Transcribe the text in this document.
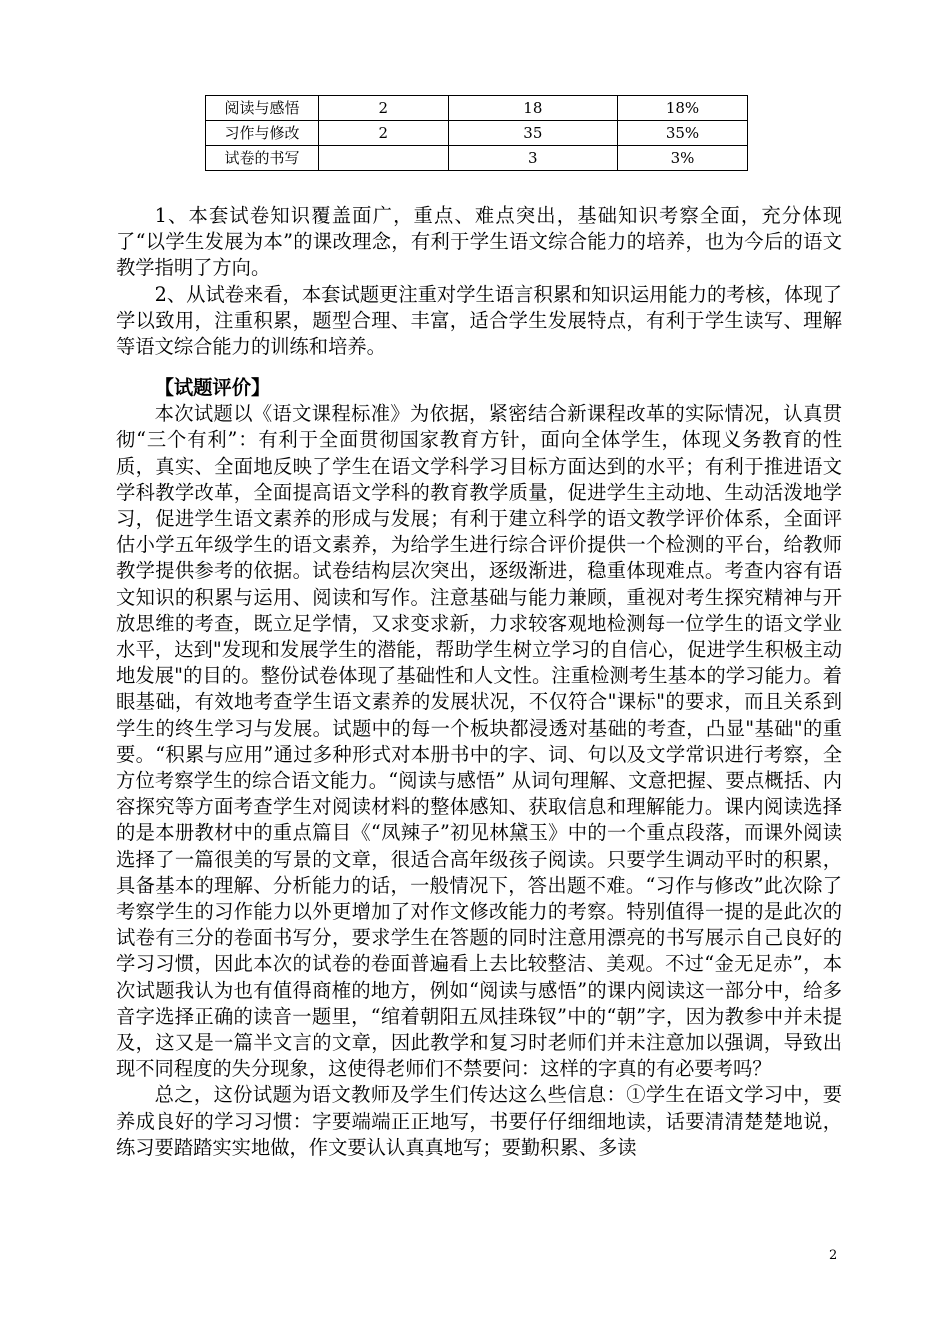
阅读与感悟	2	18	18%
习作与修改	2	35	35%
试卷的书写		3	3%

1、本套试卷知识覆盖面广，重点、难点突出，基础知识考察全面，充分体现了“以学生发展为本”的课改理念，有利于学生语文综合能力的培养，也为今后的语文教学指明了方向。

2、从试卷来看，本套试题更注重对学生语言积累和知识运用能力的考核，体现了学以致用，注重积累，题型合理、丰富，适合学生发展特点，有利于学生读写、理解等语文综合能力的训练和培养。

【试题评价】

本次试题以《语文课程标准》为依据，紧密结合新课程改革的实际情况，认真贯彻“三个有利”：有利于全面贯彻国家教育方针，面向全体学生，体现义务教育的性质，真实、全面地反映了学生在语文学科学习目标方面达到的水平；有利于推进语文学科教学改革，全面提高语文学科的教育教学质量，促进学生主动地、生动活泼地学习，促进学生语文素养的形成与发展；有利于建立科学的语文教学评价体系，全面评估小学五年级学生的语文素养，为给学生进行综合评价提供一个检测的平台，给教师教学提供参考的依据。试卷结构层次突出，逐级渐进，稳重体现难点。考查内容有语文知识的积累与运用、阅读和写作。注意基础与能力兼顾，重视对考生探究精神与开放思维的考查，既立足学情，又求变求新，力求较客观地检测每一位学生的语文学业水平，达到"发现和发展学生的潜能，帮助学生树立学习的自信心，促进学生积极主动地发展"的目的。整份试卷体现了基础性和人文性。注重检测考生基本的学习能力。着眼基础，有效地考查学生语文素养的发展状况，不仅符合"课标"的要求，而且关系到学生的终生学习与发展。试题中的每一个板块都浸透对基础的考查，凸显"基础"的重要。“积累与应用”通过多种形式对本册书中的字、词、句以及文学常识进行考察，全方位考察学生的综合语文能力。“阅读与感悟” 从词句理解、文意把握、要点概括、内容探究等方面考查学生对阅读材料的整体感知、获取信息和理解能力。课内阅读选择的是本册教材中的重点篇目《“凤辣子”初见林黛玉》中的一个重点段落，而课外阅读选择了一篇很美的写景的文章，很适合高年级孩子阅读。只要学生调动平时的积累，具备基本的理解、分析能力的话，一般情况下，答出题不难。“习作与修改”此次除了考察学生的习作能力以外更增加了对作文修改能力的考察。特别值得一提的是此次的试卷有三分的卷面书写分，要求学生在答题的同时注意用漂亮的书写展示自己良好的学习习惯，因此本次的试卷的卷面普遍看上去比较整洁、美观。不过“金无足赤”，本次试题我认为也有值得商榷的地方，例如“阅读与感悟”的课内阅读这一部分中，给多音字选择正确的读音一题里，“绾着朝阳五凤挂珠钗”中的“朝”字，因为教参中并未提及，这又是一篇半文言的文章，因此教学和复习时老师们并未注意加以强调，导致出现不同程度的失分现象，这使得老师们不禁要问：这样的字真的有必要考吗？

总之，这份试题为语文教师及学生们传达这么些信息：①学生在语文学习中，要养成良好的学习习惯：字要端端正正地写，书要仔仔细细地读，话要清清楚楚地说，练习要踏踏实实地做，作文要认认真真地写；要勤积累、多读

2
